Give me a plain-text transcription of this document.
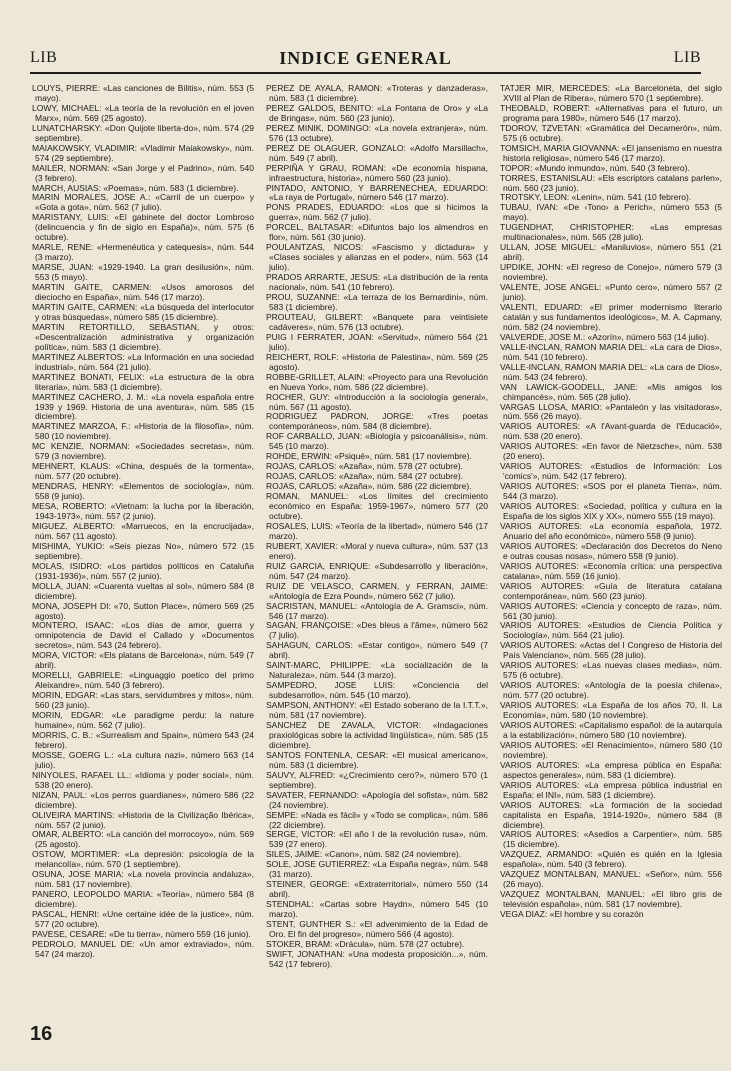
LIB	INDICE GENERAL	LIB
LOUYS, PIERRE: «Las canciones de Bilitis», núm. 553 (5 mayo).
LOWY, MICHAEL: «La teoría de la revolución en el joven Marx», núm. 569 (25 agosto).
LUNATCHARSKY: «Don Quijote liberta-do», núm. 574 (29 septiembre).
MAIAKOWSKY, VLADIMIR: «Vladimir Maiakowsky», núm. 574 (29 septiembre).
MAILER, NORMAN: «San Jorge y el Padrino», núm. 540 (3 febrero).
MARCH, AUSIAS: «Poemas», núm. 583 (1 diciembre).
MARIN MORALES, JOSE A.: «Carril de un cuerpo» y «Gota a gota», núm. 562 (7 julio).
MARISTANY, LUIS: «El gabinete del doctor Lombroso (delincuencia y fin de siglo en España)», núm. 575 (6 octubre).
MARLE, RENE: «Hermenéutica y catequesis», núm. 544 (3 marzo).
MARSE, JUAN: «1929-1940. La gran desilusión», núm. 553 (5 mayo).
MARTIN GAITE, CARMEN: «Usos amorosos del dieciocho en España», núm. 546 (17 marzo).
MARTIN GAITE, CARMEN: «La búsqueda del interlocutor y otras búsquedas», número 585 (15 diciembre).
MARTIN RETORTILLO, SEBASTIAN, y otros: «Descentralización administrativa y organización política», núm. 583 (1 diciembre).
MARTINEZ ALBERTOS: «La Información en una sociedad industrial», núm. 564 (21 julio).
MARTINEZ BONATI, FELIX: «La estructura de la obra literaria», núm. 583 (1 diciembre).
MARTINEZ CACHERO, J. M.: «La novela española entre 1939 y 1969. Historia de una aventura», núm. 585 (15 diciembre).
MARTINEZ MARZOA, F.: «Historia de la filosofía», núm. 580 (10 noviembre).
MC KENZIE, NORMAN: «Sociedades secretas», núm. 579 (3 noviembre).
MEHNERT, KLAUS: «China, después de la tormenta», núm. 577 (20 octubre).
MENDRAS, HENRY: «Elementos de sociología», núm. 558 (9 junio).
MESA, ROBERTO: «Vietnam: la lucha por la liberación, 1943-1973», núm. 557 (2 junio).
MIGUEZ, ALBERTO: «Marruecos, en la encrucijada», núm. 567 (11 agosto).
MISHIMA, YUKIO: «Seis piezas No», número 572 (15 septiembre).
MOLAS, ISIDRO: «Los partidos políticos en Cataluña (1931-1936)», núm. 557 (2 junio).
MOLLA, JUAN: «Cuarenta vueltas al sol», número 584 (8 diciembre).
MONA, JOSEPH DI: «70, Sutton Place», número 569 (25 agosto).
MONTERO, ISAAC: «Los días de amor, guerra y omnipotencia de David el Callado y «Documentos secretos», núm. 543 (24 febrero).
MORA, VICTOR: «Els platans de Barcelona», núm. 549 (7 abril).
MORELLI, GABRIELE: «Linguaggio poetico del primo Aleixandre», núm. 540 (3 febrero).
MORIN, EDGAR: «Las stars, servidumbres y mitos», núm. 560 (23 junio).
MORIN, EDGAR: «Le paradigme perdu: la nature humaine», núm. 562 (7 julio).
MORRIS, C. B.: «Surrealism and Spain», número 543 (24 febrero).
MOSSE, GOERG L.: «La cultura nazi», número 563 (14 julio).
NINYOLES, RAFAEL LL.: «Idioma y poder social», núm. 538 (20 enero).
NIZAN, PAUL: «Los perros guardianes», número 586 (22 diciembre).
OLIVEIRA MARTINS: «Historia de la Civilização Ibérica», núm. 557 (2 junio).
OMAR, ALBERTO: «La canción del morrocoyo», núm. 569 (25 agosto).
OSTOW, MORTIMER: «La depresión: psicología de la melancolía», núm. 570 (1 septiembre).
OSUNA, JOSE MARIA: «La novela provincia andaluza», núm. 581 (17 noviembre).
PANERO, LEOPOLDO MARIA: «Teoría», número 584 (8 diciembre).
PASCAL, HENRI: «Une certaine idée de la justice», núm. 577 (20 octubre).
PAVESE, CESARE: «De tu tierra», número 559 (16 junio).
PEDROLO, MANUEL DE: «Un amor extraviado», núm. 547 (24 marzo).
PEREZ DE AYALA, RAMON: «Troteras y danzaderas», núm. 583 (1 diciembre).
PEREZ GALDOS, BENITO: «La Fontana de Oro» y «La de Bringas», núm. 560 (23 junio).
PEREZ MINIK, DOMINGO: «La novela extranjera», núm. 576 (13 octubre).
PEREZ DE OLAGUER, GONZALO: «Adolfo Marsillach», núm. 549 (7 abril).
PERPIÑA Y GRAU, ROMAN: «De economía hispana, infraestructura, historia», número 560 (23 junio).
PINTADO, ANTONIO, Y BARRENECHEA, EDUARDO: «La raya de Portugal», número 546 (17 marzo).
PONS PRADES, EDUARDO: «Los que si hicimos la guerra», núm. 562 (7 julio).
PORCEL, BALTASAR: «Difuntos bajo los almendros en flor», núm. 561 (30 junio).
POULANTZAS, NICOS: «Fascismo y dictadura» y «Clases sociales y alianzas en el poder», núm. 563 (14 julio).
PRADOS ARRARTE, JESUS: «La distribución de la renta nacional», núm. 541 (10 febrero).
PROU, SUZANNE: «La terraza de los Bernardini», núm. 583 (1 diciembre).
PROUTEAU, GILBERT: «Banquete para veintisiete cadáveres», núm. 576 (13 octubre).
PUIG I FERRATER, JOAN: «Servitud», número 564 (21 julio).
REICHERT, ROLF: «Historia de Palestina», núm. 569 (25 agosto).
ROBBE-GRILLET, ALAIN: «Proyecto para una Revolución en Nueva York», núm. 586 (22 diciembre).
ROCHER, GUY: «Introducción a la sociología general», núm. 567 (11 agosto).
RODRIGUEZ PADRON, JORGE: «Tres poetas contemporáneos», núm. 584 (8 diciembre).
ROF CARBALLO, JUAN: «Biología y psicoanálisis», núm. 545 (10 marzo).
ROHDE, ERWIN: «Psiqué», núm. 581 (17 noviembre).
ROJAS, CARLOS: «Azaña», núm. 578 (27 octubre).
ROJAS, CARLOS: «Azaña», núm. 584 (27 octubre).
ROJAS, CARLOS: «Azaña», núm. 586 (22 diciembre).
ROMAN, MANUEL: «Los límites del crecimiento económico en España: 1959-1967», número 577 (20 octubre).
ROSALES, LUIS: «Teoría de la libertad», número 546 (17 marzo).
RUBERT, XAVIER: «Moral y nueva cultura», núm. 537 (13 enero).
RUIZ GARCIA, ENRIQUE: «Subdesarrollo y liberación», núm. 547 (24 marzo).
RUIZ DE VELASCO, CARMEN, y FERRAN, JAIME: «Antología de Ezra Pound», número 562 (7 julio).
SACRISTAN, MANUEL: «Antología de A. Gramsci», núm. 546 (17 marzo).
SAGAN, FRANÇOISE: «Des bleus a l'âme», número 562 (7 julio).
SAHAGUN, CARLOS: «Estar contigo», número 549 (7 abril).
SAINT-MARC, PHILIPPE: «La socialización de la Naturaleza», núm. 544 (3 marzo).
SAMPEDRO, JOSE LUIS: «Conciencia del subdesarrollo», núm. 545 (10 marzo).
SAMPSON, ANTHONY: «El Estado soberano de la I.T.T.», núm. 581 (17 noviembre).
SANCHEZ DE ZAVALA, VICTOR: «Indagaciones praxiológicas sobre la actividad lingüística», núm. 585 (15 diciembre).
SANTOS FONTENLA, CESAR: «El musical americano», núm. 583 (1 diciembre).
SAUVY, ALFRED: «¿Crecimiento cero?», número 570 (1 septiembre).
SAVATER, FERNANDO: «Apología del sofista», núm. 582 (24 noviembre).
SEMPE: «Nada es fácil» y «Todo se complica», núm. 586 (22 diciembre).
SERGE, VICTOR: «El año I de la revolución rusa», núm. 539 (27 enero).
SILES, JAIME: «Canon», núm. 582 (24 noviembre).
SOLE, JOSE GUTIERREZ: «La España negra», núm. 548 (31 marzo).
STEINER, GEORGE: «Extraterritorial», número 550 (14 abril).
STENDHAL: «Cartas sobre Haydn», número 545 (10 marzo).
STENT, GUNTHER S.: «El advenimiento de la Edad de Oro. El fin del progreso», número 566 (4 agosto).
STOKER, BRAM: «Drácula», núm. 578 (27 octubre).
SWIFT, JONATHAN: «Una modesta proposición...», núm. 542 (17 febrero).
TATJER MIR, MERCEDES: «La Barceloneta, del siglo XVIII al Plan de Ribera», número 570 (1 septiembre).
THEOBALD, ROBERT: «Alternativas para el futuro, un programa para 1980», número 546 (17 marzo).
TDOROV, TZVETAN: «Gramática del Decamerón», núm. 575 (6 octubre).
TOMSICH, MARIA GIOVANNA: «El jansenismo en nuestra historia religiosa», número 546 (17 marzo).
TOPOR: «Mundo inmundo», núm. 540 (3 febrero).
TORRES, ESTANISLAU: «Els escriptors catalans parlen», núm. 560 (23 junio).
TROTSKY, LEON: «Lenin», núm. 541 (10 febrero).
TUBAU, IVAN: «De ‹Tono› a Perich», número 553 (5 mayo).
TUGENDHAT, CHRISTOPHER: «Las empresas multinacionales», núm. 565 (28 julio).
ULLAN, JOSE MIGUEL: «Maniluvios», número 551 (21 abril).
UPDIKE, JOHN: «El regreso de Conejo», número 579 (3 noviembre).
VALENTE, JOSE ANGEL: «Punto cero», número 557 (2 junio).
VALENTI, EDUARD: «El primer modernismo literario catalán y sus fundamentos ideológicos», M. A. Capmany, núm. 582 (24 noviembre).
VALVERDE, JOSE M.: «Azorín», número 563 (14 julio).
VALLE-INCLAN, RAMON MARIA DEL: «La cara de Dios», núm. 541 (10 febrero).
VALLE-INCLAN, RAMON MARIA DEL: «La cara de Dios», núm. 543 (24 febrero).
VAN LAWICK-GOODELL, JANE: «Mis amigos los chimpancés», núm. 565 (28 julio).
VARGAS LLOSA, MARIO: «Pantaleón y las visitadoras», núm. 556 (26 mayo).
VARIOS AUTORES: «A l'Avant-guarda de l'Educació», núm. 538 (20 enero).
VARIOS AUTORES: «En favor de Nietzsche», núm. 538 (20 enero).
VARIOS AUTORES: «Estudios de Información: Los 'comics'», núm. 542 (17 febrero).
VARIOS AUTORES: «SOS por el planeta Tierra», núm. 544 (3 marzo).
VARIOS AUTORES: «Sociedad, política y cultura en la España de los siglos XIX y XX», número 555 (19 mayo).
VARIOS AUTORES: «La economía española, 1972. Anuario del año económico», número 558 (9 junio).
VARIOS AUTORES: «Declaración dos Decretos do Neno e outras cousas nosas», número 558 (9 junio).
VARIOS AUTORES: «Economía crítica: una perspectiva catalana», núm. 559 (16 junio).
VARIOS AUTORES: «Guía de literatura catalana contemporánea», núm. 560 (23 junio).
VARIOS AUTORES: «Ciencia y concepto de raza», núm. 561 (30 junio).
VARIOS AUTORES: «Estudios de Ciencia Política y Sociología», núm. 564 (21 julio).
VARIOS AUTORES: «Actas del I Congreso de Historia del País Valenciano», núm. 565 (28 julio).
VARIOS AUTORES: «Las nuevas clases medias», núm. 575 (6 octubre).
VARIOS AUTORES: «Antología de la poesía chilena», núm. 577 (20 octubre).
VARIOS AUTORES: «La España de los años 70, II. La Economía», núm. 580 (10 noviembre).
VARIOS AUTORES: «Capitalismo español: de la autarquía a la estabilización», número 580 (10 noviembre).
VARIOS AUTORES: «El Renacimiento», número 580 (10 noviembre).
VARIOS AUTORES: «La empresa pública en España: aspectos generales», núm. 583 (1 diciembre).
VARIOS AUTORES: «La empresa pública industrial en España: el INI», núm. 583 (1 diciembre).
VARIOS AUTORES: «La formación de la sociedad capitalista en España, 1914-1920», número 584 (8 diciembre).
VARIOS AUTORES: «Asedios a Carpentier», núm. 585 (15 diciembre).
VAZQUEZ, ARMANDO: «Quién es quién en la Iglesia española», núm. 540 (3 febrero).
VAZQUEZ MONTALBAN, MANUEL: «Señor», núm. 556 (26 mayo).
VAZQUEZ MONTALBAN, MANUEL: «El libro gris de televisión española», núm. 581 (17 noviembre).
VEGA DIAZ: «El hombre y su corazón
16
